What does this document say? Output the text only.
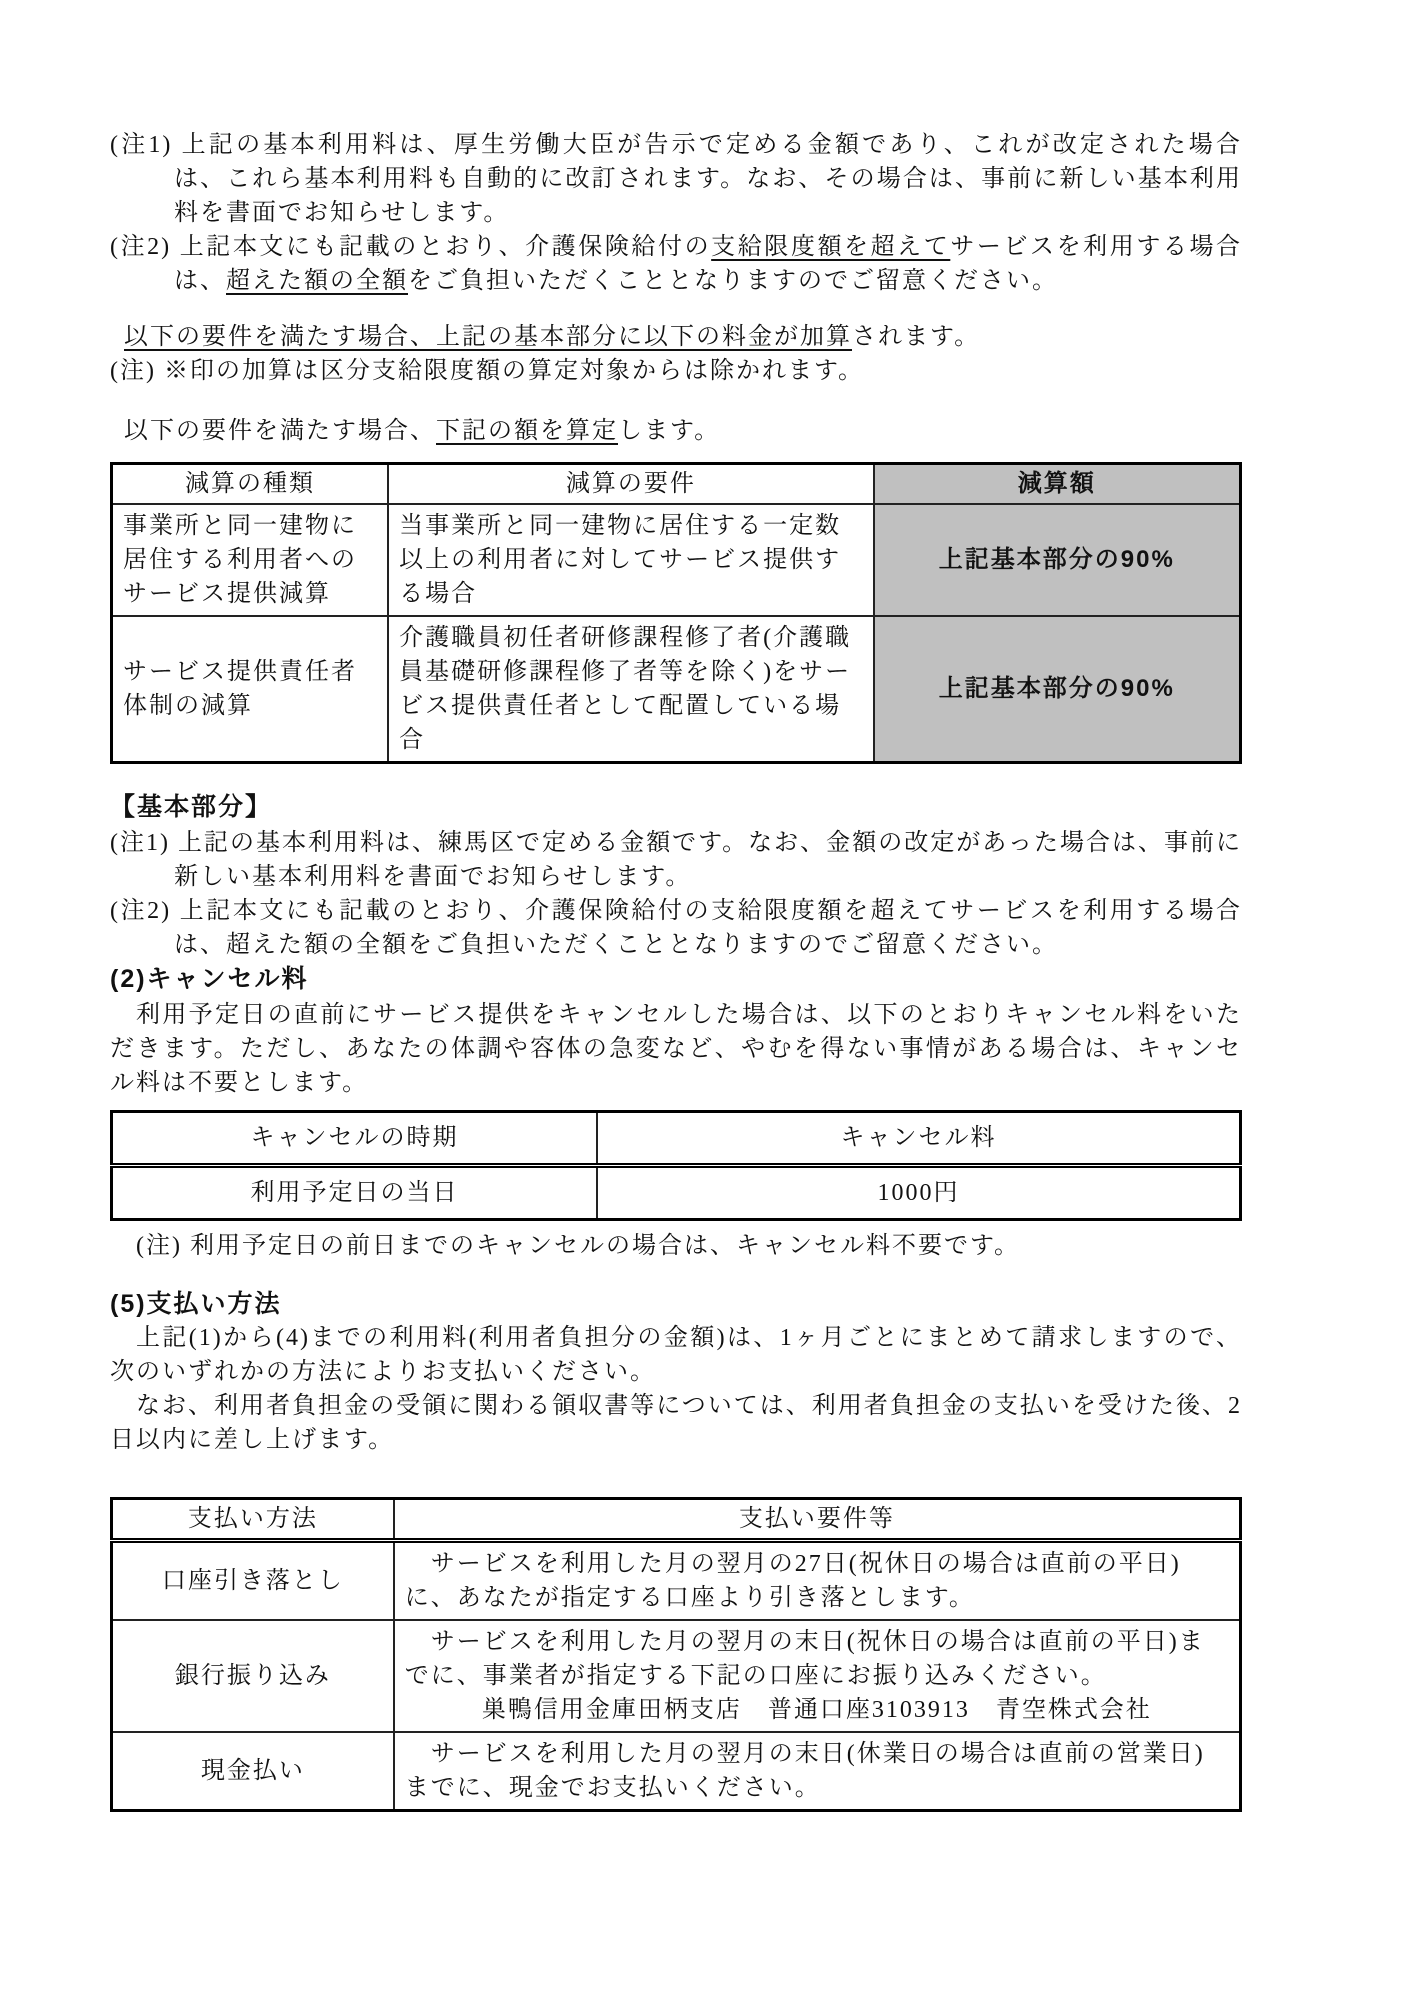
(注1) 上記の基本利用料は、厚生労働大臣が告示で定める金額であり、これが改定された場合は、これら基本利用料も自動的に改訂されます。なお、その場合は、事前に新しい基本利用料を書面でお知らせします。

(注2) 上記本文にも記載のとおり、介護保険給付の支給限度額を超えてサービスを利用する場合は、超えた額の全額をご負担いただくこととなりますのでご留意ください。

以下の要件を満たす場合、上記の基本部分に以下の料金が加算されます。

(注) ※印の加算は区分支給限度額の算定対象からは除かれます。

以下の要件を満たす場合、下記の額を算定します。

減算の種類	減算の要件	減算額
事業所と同一建物に居住する利用者へのサービス提供減算	当事業所と同一建物に居住する一定数以上の利用者に対してサービス提供する場合	上記基本部分の90%
サービス提供責任者体制の減算	介護職員初任者研修課程修了者(介護職員基礎研修課程修了者等を除く)をサービス提供責任者として配置している場合	上記基本部分の90%
【基本部分】

(注1) 上記の基本利用料は、練馬区で定める金額です。なお、金額の改定があった場合は、事前に新しい基本利用料を書面でお知らせします。

(注2) 上記本文にも記載のとおり、介護保険給付の支給限度額を超えてサービスを利用する場合は、超えた額の全額をご負担いただくこととなりますのでご留意ください。

(2)キャンセル料

利用予定日の直前にサービス提供をキャンセルした場合は、以下のとおりキャンセル料をいただきます。ただし、あなたの体調や容体の急変など、やむを得ない事情がある場合は、キャンセル料は不要とします。

キャンセルの時期	キャンセル料
利用予定日の当日	1000円

(注) 利用予定日の前日までのキャンセルの場合は、キャンセル料不要です。

(5)支払い方法

上記(1)から(4)までの利用料(利用者負担分の金額)は、1ヶ月ごとにまとめて請求しますので、次のいずれかの方法によりお支払いください。

なお、利用者負担金の受領に関わる領収書等については、利用者負担金の支払いを受けた後、2日以内に差し上げます。

支払い方法	支払い要件等
口座引き落とし	サービスを利用した月の翌月の27日(祝休日の場合は直前の平日)に、あなたが指定する口座より引き落とします。

銀行振り込み	サービスを利用した月の翌月の末日(祝休日の場合は直前の平日)までに、事業者が指定する下記の口座にお振り込みください。
巣鴨信用金庫田柄支店　普通口座3103913　青空株式会社

現金払い	サービスを利用した月の翌月の末日(休業日の場合は直前の営業日)までに、現金でお支払いください。
